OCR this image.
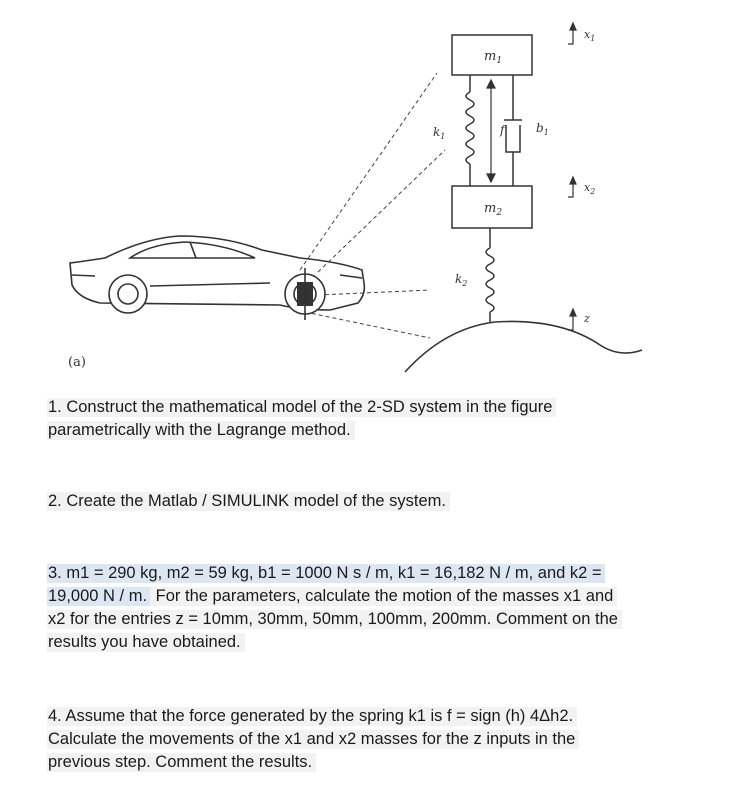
$m_1$
$k_1$	f	$b_1$
$m_2$
$k_2$
$x_1$
$x_2$
z
(a)
1. Construct the mathematical model of the 2-SD system in the figure
parametrically with the Lagrange method.
2. Create the Matlab / SIMULINK model of the system.
3. m1 = 290 kg, m2 = 59 kg, b1 = 1000 N s / m, k1 = 16,182 N / m, and k2 =
19,000 N / m. For the parameters, calculate the motion of the masses x1 and
x2 for the entries z = 10mm, 30mm, 50mm, 100mm, 200mm. Comment on the
results you have obtained.
4. Assume that the force generated by the spring k1 is f = sign (h) 4Δh2.
Calculate the movements of the x1 and x2 masses for the z inputs in the
previous step. Comment the results.
